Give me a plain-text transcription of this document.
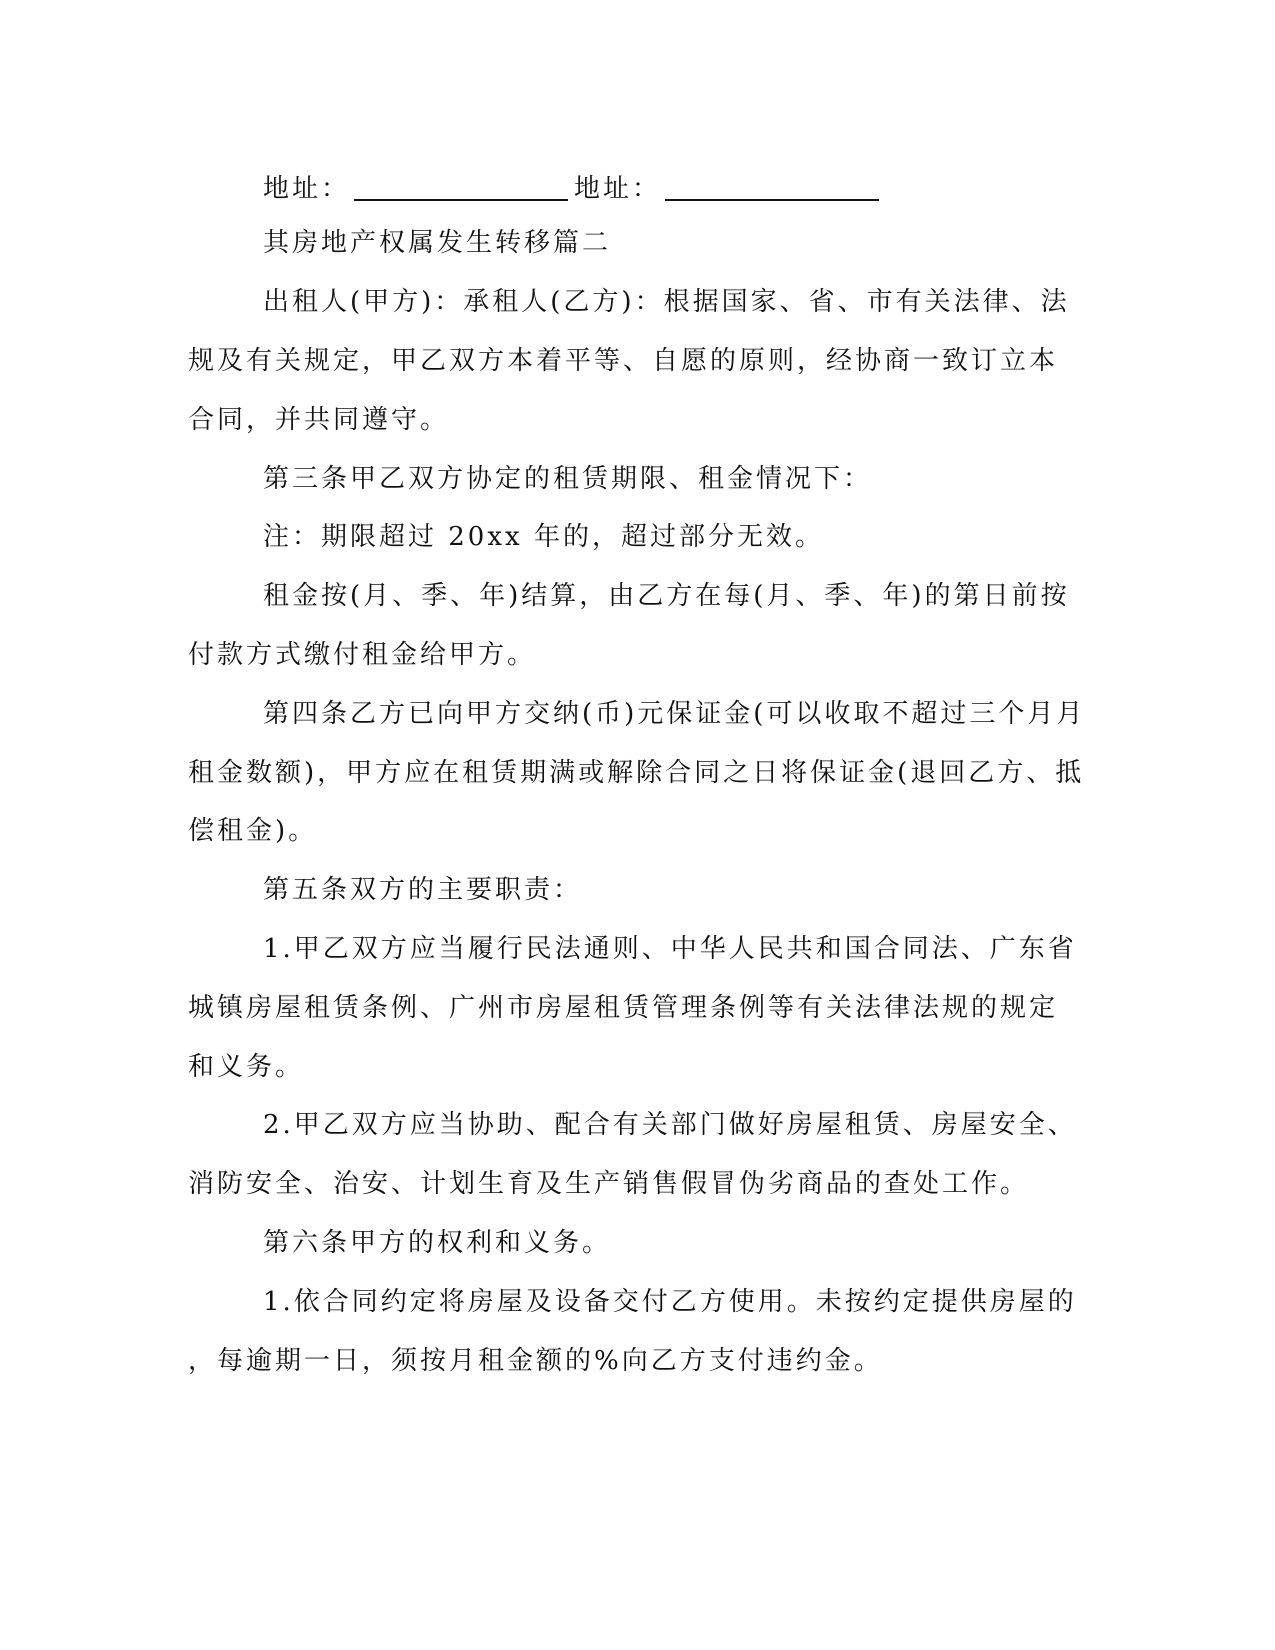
地址：	地址：
其房地产权属发生转移篇二
出租人(甲方)：承租人(乙方)：根据国家、省、市有关法律、法
规及有关规定，甲乙双方本着平等、自愿的原则，经协商一致订立本
合同，并共同遵守。
第三条甲乙双方协定的租赁期限、租金情况下：
注：期限超过 20xx 年的，超过部分无效。
租金按(月、季、年)结算，由乙方在每(月、季、年)的第日前按
付款方式缴付租金给甲方。
第四条乙方已向甲方交纳(币)元保证金(可以收取不超过三个月月
租金数额)，甲方应在租赁期满或解除合同之日将保证金(退回乙方、抵
偿租金)。
第五条双方的主要职责：
1.甲乙双方应当履行民法通则、中华人民共和国合同法、广东省
城镇房屋租赁条例、广州市房屋租赁管理条例等有关法律法规的规定
和义务。
2.甲乙双方应当协助、配合有关部门做好房屋租赁、房屋安全、
消防安全、治安、计划生育及生产销售假冒伪劣商品的查处工作。
第六条甲方的权利和义务。
1.依合同约定将房屋及设备交付乙方使用。未按约定提供房屋的
，每逾期一日，须按月租金额的%向乙方支付违约金。
